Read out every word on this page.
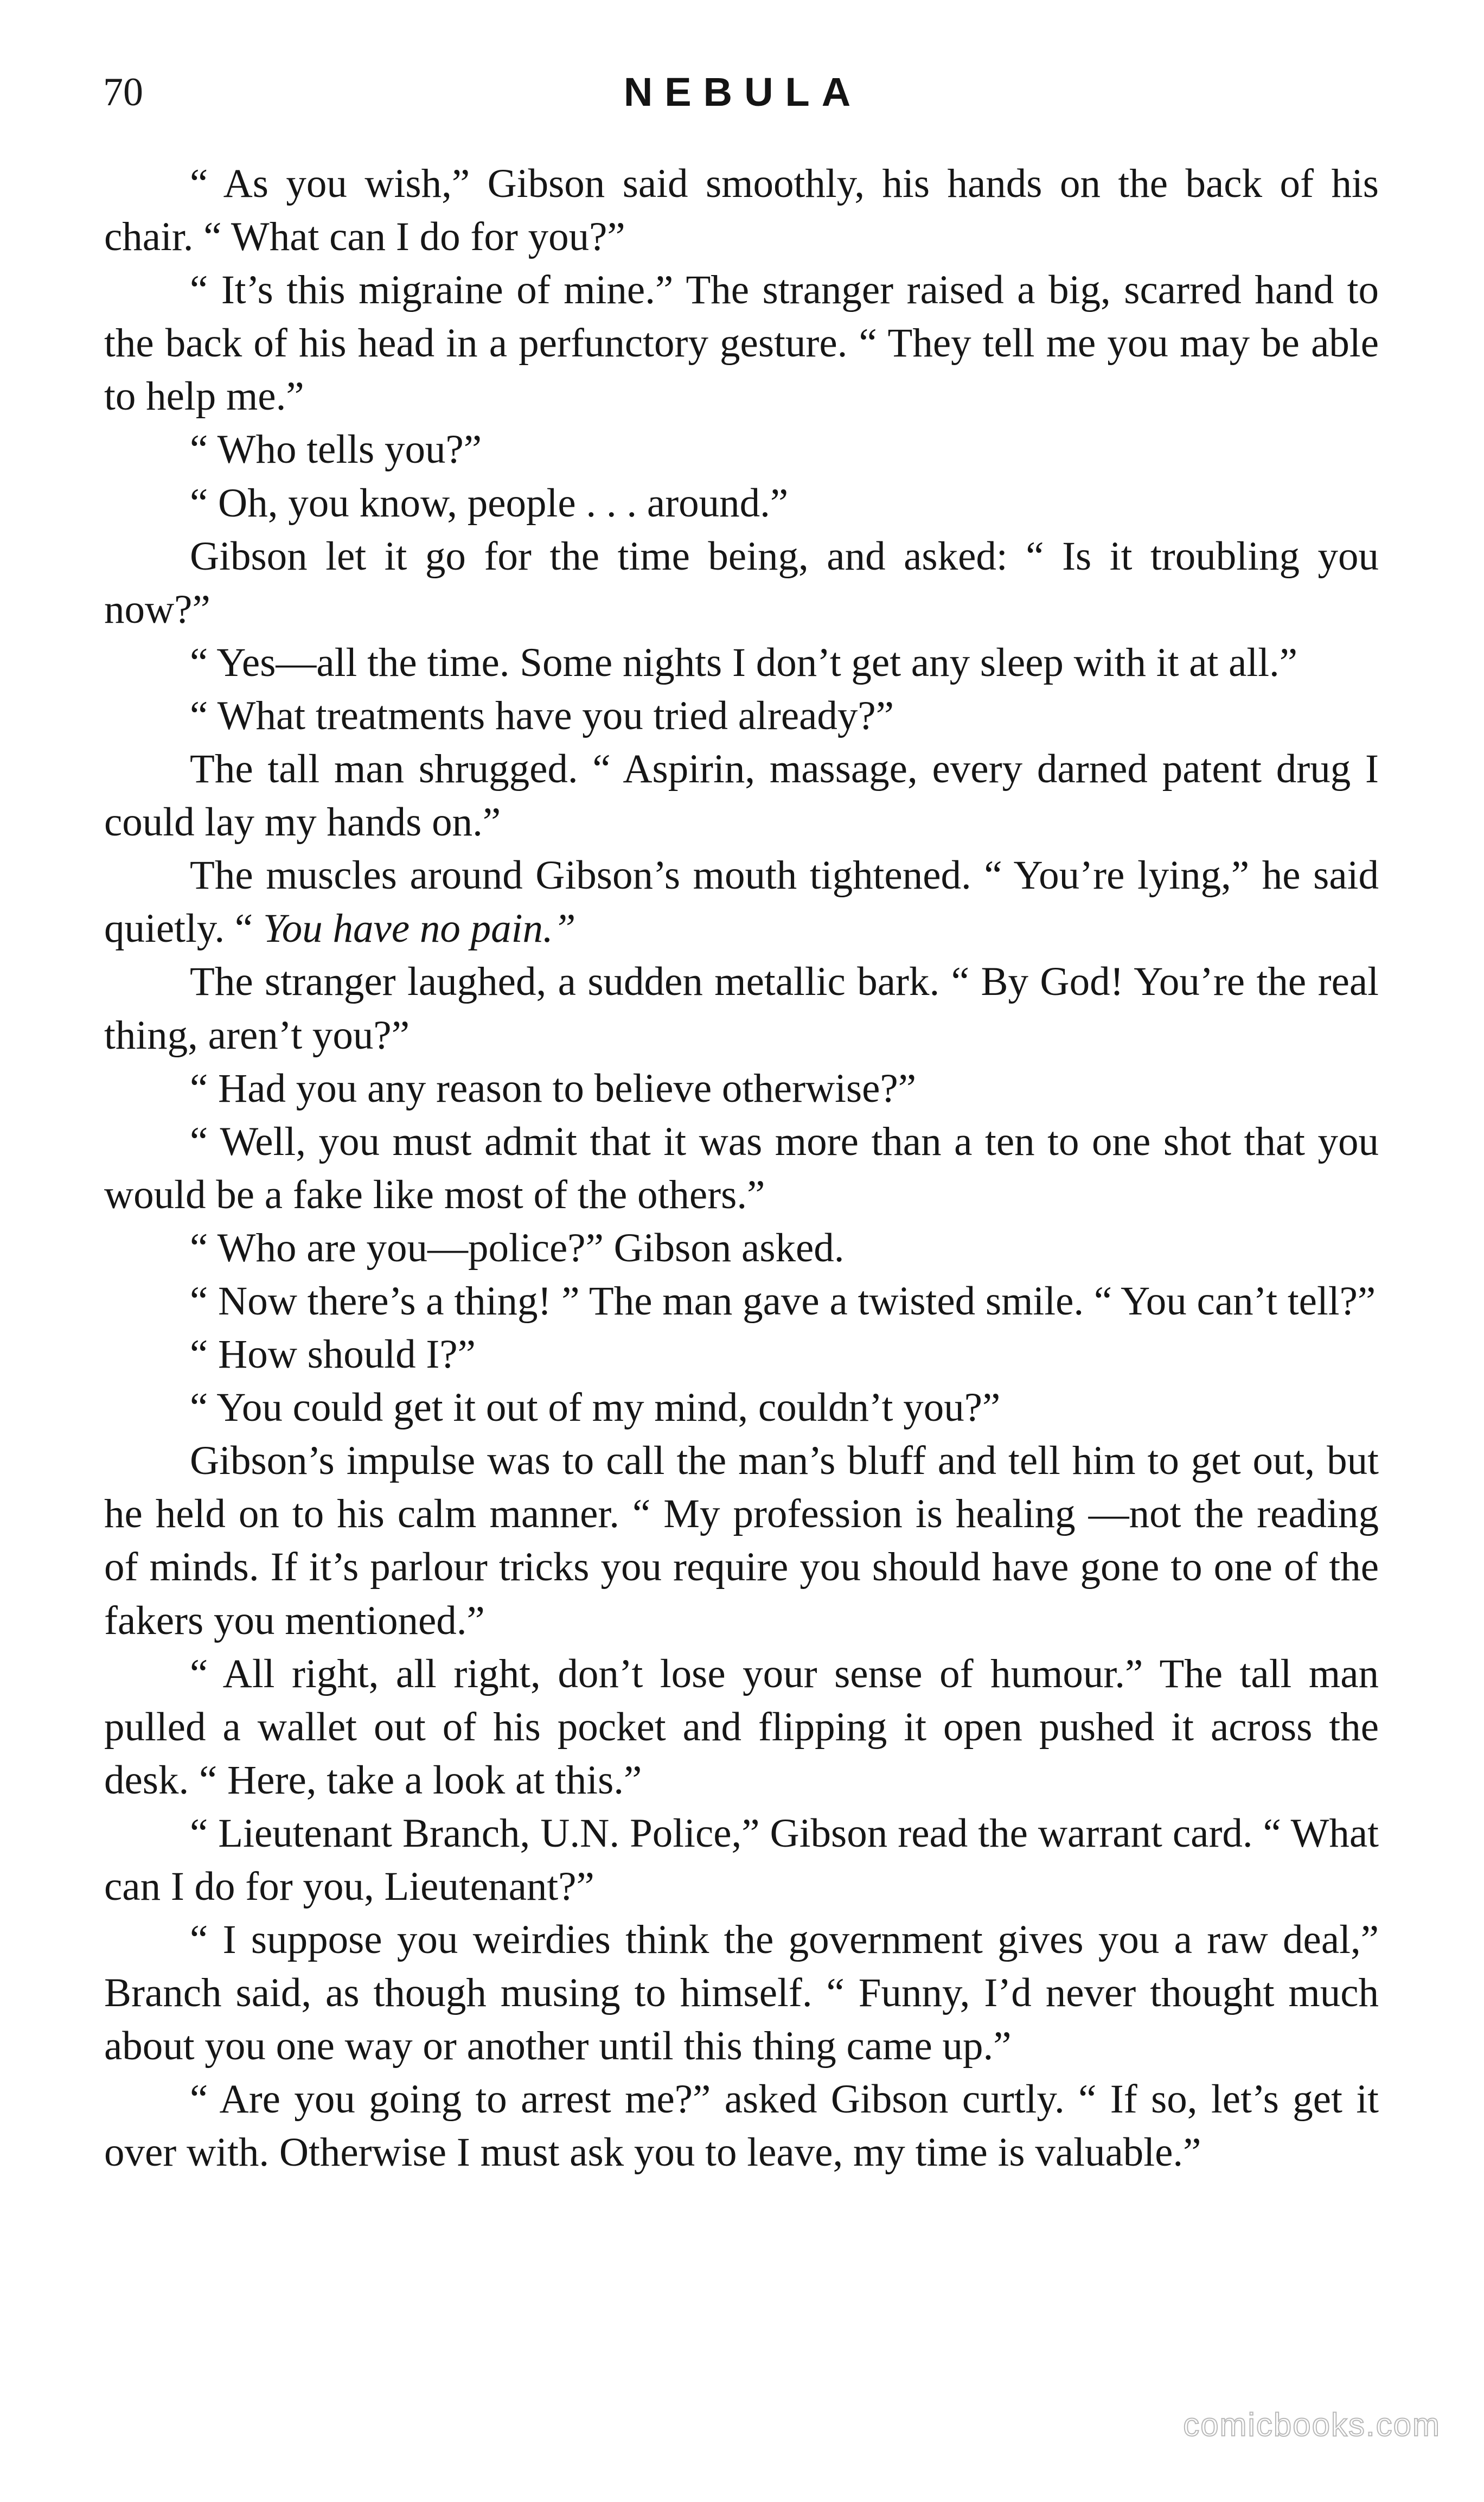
70	NEBULA

“ As you wish,” Gibson said smoothly, his hands on the back of his chair. “ What can I do for you?”

“ It’s this migraine of mine.” The stranger raised a big, scarred hand to the back of his head in a perfunctory gesture. “ They tell me you may be able to help me.”

“ Who tells you?”

“ Oh, you know, people . . . around.”

Gibson let it go for the time being, and asked: “ Is it troubling you now?”

“ Yes—all the time. Some nights I don’t get any sleep with it at all.”

“ What treatments have you tried already?”

The tall man shrugged. “ Aspirin, massage, every darned patent drug I could lay my hands on.”

The muscles around Gibson’s mouth tightened. “ You’re lying,” he said quietly. “ You have no pain.”

The stranger laughed, a sudden metallic bark. “ By God! You’re the real thing, aren’t you?”

“ Had you any reason to believe otherwise?”

“ Well, you must admit that it was more than a ten to one shot that you would be a fake like most of the others.”

“ Who are you—police?” Gibson asked.

“ Now there’s a thing! ” The man gave a twisted smile. “ You can’t tell?”

“ How should I?”

“ You could get it out of my mind, couldn’t you?”

Gibson’s impulse was to call the man’s bluff and tell him to get out, but he held on to his calm manner. “ My profession is healing —not the reading of minds. If it’s parlour tricks you require you should have gone to one of the fakers you mentioned.”

“ All right, all right, don’t lose your sense of humour.” The tall man pulled a wallet out of his pocket and flipping it open pushed it across the desk. “ Here, take a look at this.”

“ Lieutenant Branch, U.N. Police,” Gibson read the warrant card. “ What can I do for you, Lieutenant?”

“ I suppose you weirdies think the government gives you a raw deal,” Branch said, as though musing to himself. “ Funny, I’d never thought much about you one way or another until this thing came up.”

“ Are you going to arrest me?” asked Gibson curtly. “ If so, let’s get it over with. Otherwise I must ask you to leave, my time is valuable.”

comicbooks.com
